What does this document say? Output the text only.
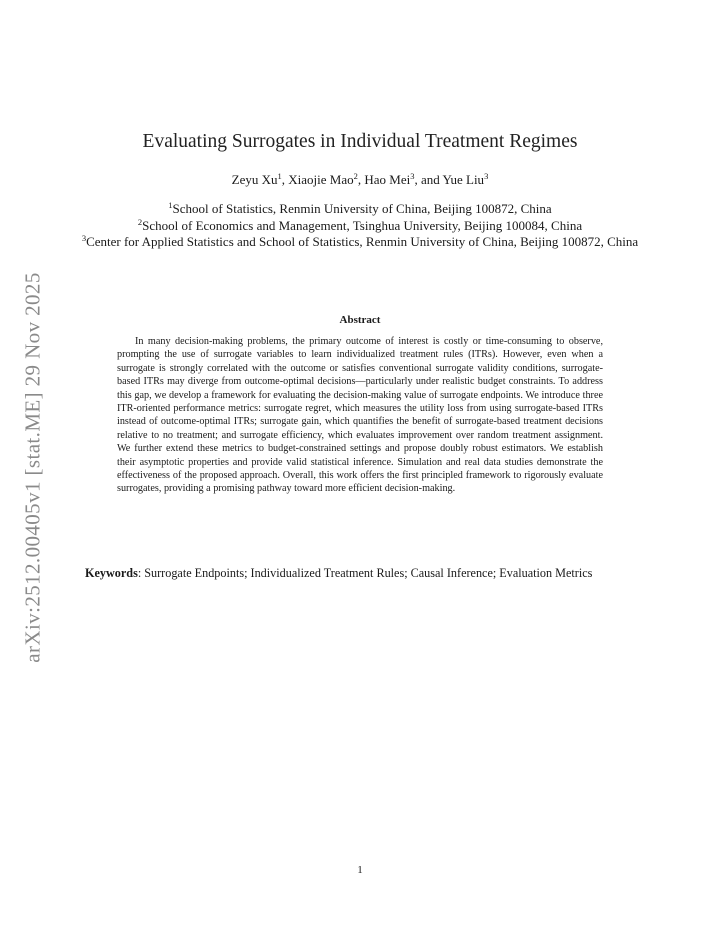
arXiv:2512.00405v1 [stat.ME] 29 Nov 2025
Evaluating Surrogates in Individual Treatment Regimes
Zeyu Xu$^1$, Xiaojie Mao$^2$, Hao Mei$^3$, and Yue Liu$^3$
$^1$School of Statistics, Renmin University of China, Beijing 100872, China
$^2$School of Economics and Management, Tsinghua University, Beijing 100084, China
$^3$Center for Applied Statistics and School of Statistics, Renmin University of China, Beijing 100872, China
Abstract
In many decision-making problems, the primary outcome of interest is costly or time-consuming to observe, prompting the use of surrogate variables to learn individualized treatment rules (ITRs). However, even when a surrogate is strongly correlated with the outcome or satisfies conventional surrogate validity conditions, surrogate-based ITRs may diverge from outcome-optimal decisions—particularly under realistic budget constraints. To address this gap, we develop a framework for evaluating the decision-making value of surrogate endpoints. We introduce three ITR-oriented performance metrics: surrogate regret, which measures the utility loss from using surrogate-based ITRs instead of outcome-optimal ITRs; surrogate gain, which quantifies the benefit of surrogate-based treatment decisions relative to no treatment; and surrogate efficiency, which evaluates improvement over random treatment assignment. We further extend these metrics to budget-constrained settings and propose doubly robust estimators. We establish their asymptotic properties and provide valid statistical inference. Simulation and real data studies demonstrate the effectiveness of the proposed approach. Overall, this work offers the first principled framework to rigorously evaluate surrogates, providing a promising pathway toward more efficient decision-making.
Keywords: Surrogate Endpoints; Individualized Treatment Rules; Causal Inference; Evaluation Metrics
1
